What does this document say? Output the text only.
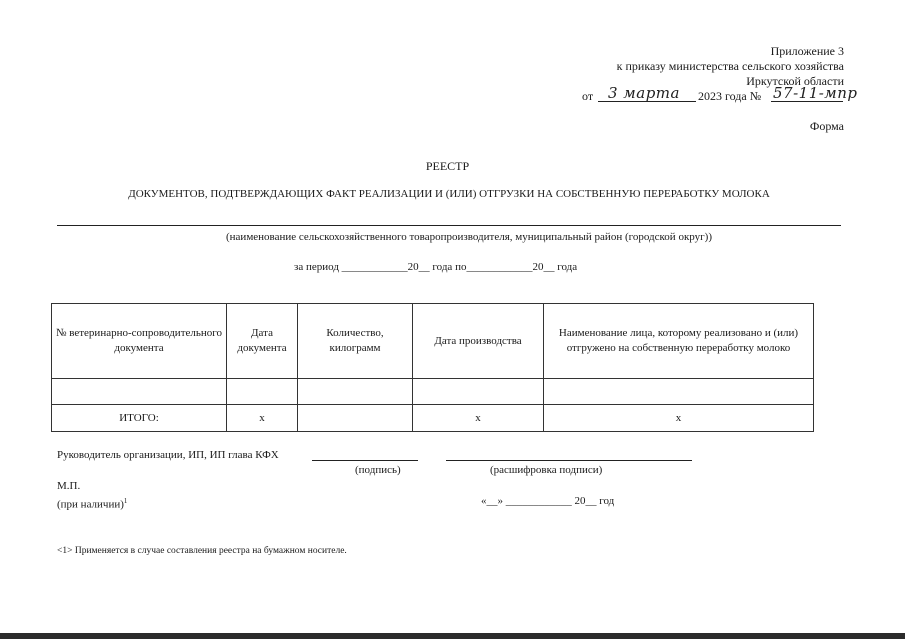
Приложение 3
к приказу министерства сельского хозяйства
Иркутской области
от 3 марта 2023 года № 57-11-мпр
Форма
РЕЕСТР
ДОКУМЕНТОВ, ПОДТВЕРЖДАЮЩИХ ФАКТ РЕАЛИЗАЦИИ И (ИЛИ) ОТГРУЗКИ НА СОБСТВЕННУЮ ПЕРЕРАБОТКУ МОЛОКА
(наименование сельскохозяйственного товаропроизводителя, муниципальный район (городской округ))
за период ____________20__ года по____________20__ года
№ ветеринарно-сопроводительного документа	Дата документа	Количество, килограмм	Дата производства	Наименование лица, которому реализовано и (или) отгружено на собственную переработку молоко

ИТОГО:	х		х	х
Руководитель организации, ИП, ИП глава КФХ
(подпись)	(расшифровка подписи)
М.П.
(при наличии)$^1$	«__» ____________ 20__ год
<1> Применяется в случае составления реестра на бумажном носителе.
